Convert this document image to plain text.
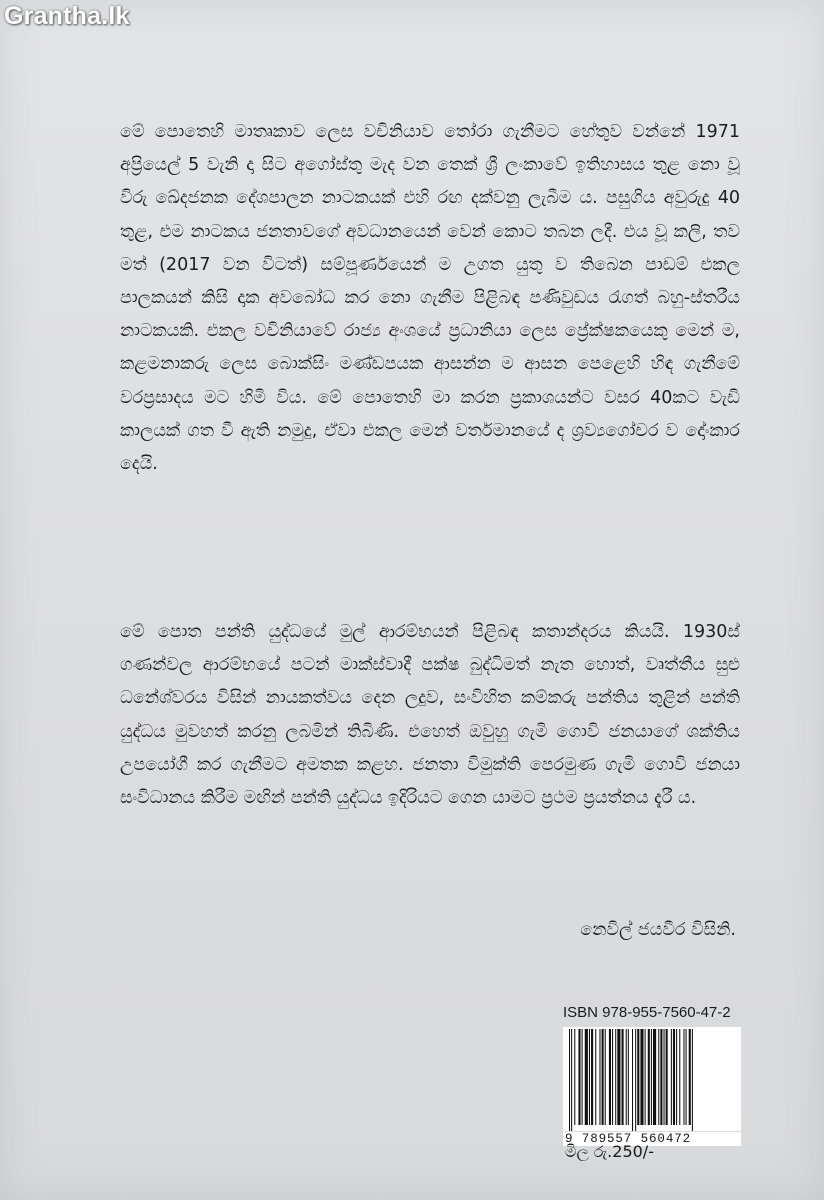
Grantha.lk

මේ පොතෙහි මාතෘකාව ලෙස වචිනියාව තෝරා ගැනීමට හේතුව වන්නේ 1971 අප්‍රියෙල් 5 වැනි දා සිට අගෝස්තු මැද වන තෙක් ශ්‍රී ලංකාවේ ඉතිහාසය තුළ නො වූ විරු ඛේදජනක දේශපාලන නාටකයක් එහි රඟ දක්වනු ලැබීම ය. පසුගිය අවුරුදු 40 තුළ, එම නාටකය ජනතාවගේ අවධානයෙන් වෙන් කොට තබන ලදී. එය වූ කලි, තව මත් (2017 වන විටත්) සම්පූර්ණයෙන් ම උගත යුතු ව තිබෙන පාඩම් එකල පාලකයන් කිසි දාක අවබෝධ කර නො ගැනීම පිළිබඳ පණිවුඩය රැගත් බහු-ස්තරීය නාටකයකි. එකල වචිනියාවේ රාජ්‍ය අංශයේ ප්‍රධානියා ලෙස ප්‍රේක්ෂකයෙකු මෙන් ම, කළමනාකරු ලෙස බොක්සිං මණ්ඩපයක ආසන්න ම ආසන පෙළෙහි හිඳ ගැනීමේ වරප්‍රසාදය මට හිමි විය. මේ පොතෙහි මා කරන ප්‍රකාශයන්ට වසර 40කට වැඩි කාලයක් ගත වී ඇති නමුදු, ඒවා එකල මෙන් වර්තමානයේ ද ශ්‍රව්‍යගෝචර ව දෝංකාර දෙයි.

මේ පොත පන්ති යුද්ධයේ මුල් ආරම්භයන් පිළිබඳ කතාන්දරය කියයි. 1930ස් ගණන්වල ආරම්භයේ පටන් මාක්ස්වාදී පක්ෂ බුද්ධිමත් නැත හොත්, වෘත්තීය සුළු ධනේශ්වරය විසින් නායකත්වය දෙන ලදුව, සංවිහිත කම්කරු පන්තිය තුළින් පන්ති යුද්ධය මුවහත් කරනු ලබමින් තිබිණි. එහෙත් ඔවුහු ගැමි ගොවි ජනයාගේ ශක්තිය උපයෝගී කර ගැනීමට අමතක කළහ. ජනතා විමුක්ති පෙරමුණ ගැමි ගොවි ජනයා සංවිධානය කිරීම මඟින් පන්ති යුද්ධය ඉදිරියට ගෙන යාමට ප්‍රථම ප්‍රයත්නය දැරී ය.

නෙවිල් ජයවීර විසිනි.
ISBN 978-955-7560-47-2
9 789557 560472
මිල රු.250/-
